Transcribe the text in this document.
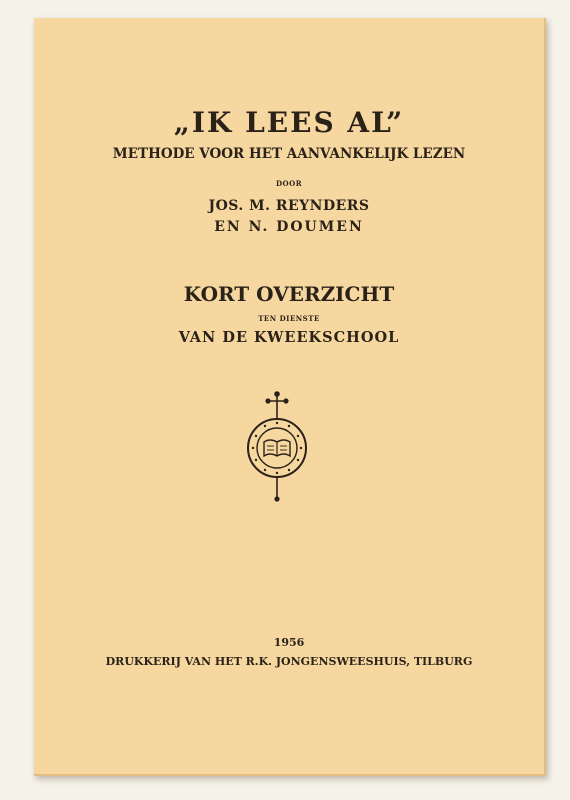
„IK LEES AL”
METHODE VOOR HET AANVANKELIJK LEZEN
DOOR
JOS. M. REYNDERS
EN N. DOUMEN
KORT OVERZICHT
TEN DIENSTE
VAN DE KWEEKSCHOOL
1956
DRUKKERIJ VAN HET R.K. JONGENSWEESHUIS, TILBURG
